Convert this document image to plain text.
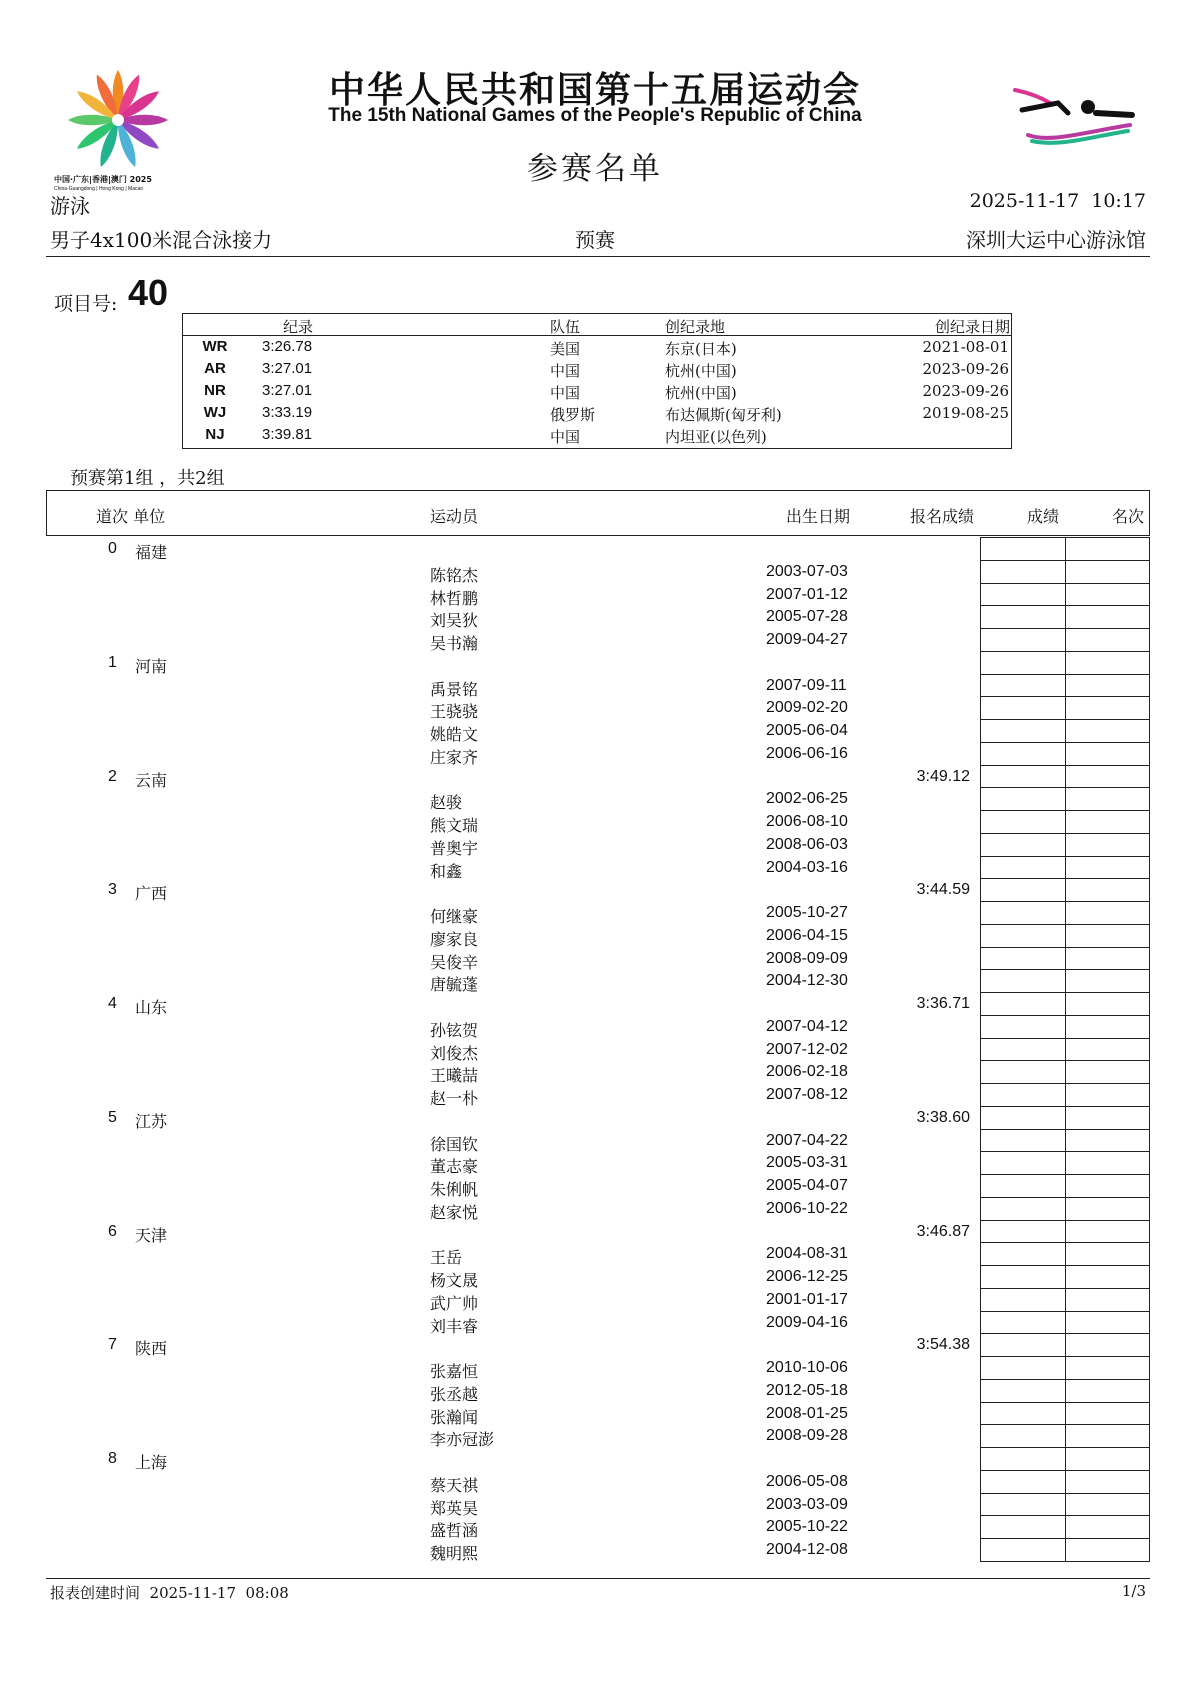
中国·广东|香港|澳门 2025
China·Guangdong | Hong Kong | Macao
中华人民共和国第十五届运动会
The 15th National Games of the People's Republic of China
参赛名单
游泳	2025-11-17  10:17
男子4x100米混合泳接力	预赛	深圳大运中心游泳馆
项目号: 40
纪录	队伍	创纪录地	创纪录日期
WR 3:26.78	美国	东京(日本)	2021-08-01
AR 3:27.01	中国	杭州(中国)	2023-09-26
NR 3:27.01	中国	杭州(中国)	2023-09-26
WJ 3:33.19	俄罗斯	布达佩斯(匈牙利)	2019-08-25
NJ	3:39.81	中国	内坦亚(以色列)
预赛第1组 ，共2组
道次 单位	运动员	出生日期	报名成绩	成绩	名次
0 福建
陈铭杰	2003-07-03
林哲鹏	2007-01-12
刘吴狄	2005-07-28
吴书瀚	2009-04-27
1 河南
禹景铭	2007-09-11
王骁骁	2009-02-20
姚皓文	2005-06-04
庄家齐	2006-06-16
2 云南	3:49.12
赵骏	2002-06-25
熊文瑞	2006-08-10
普奥宇	2008-06-03
和鑫	2004-03-16
3 广西	3:44.59
何继豪	2005-10-27
廖家良	2006-04-15
吴俊辛	2008-09-09
唐毓蓬	2004-12-30
4 山东	3:36.71
孙铉贺	2007-04-12
刘俊杰	2007-12-02
王曦喆	2006-02-18
赵一朴	2007-08-12
5 江苏	3:38.60
徐国钦	2007-04-22
董志豪	2005-03-31
朱俐帆	2005-04-07
赵家悦	2006-10-22
6 天津	3:46.87
王岳	2004-08-31
杨文晟	2006-12-25
武广帅	2001-01-17
刘丰睿	2009-04-16
7 陕西	3:54.38
张嘉恒	2010-10-06
张丞越	2012-05-18
张瀚闻	2008-01-25
李亦冠澎	2008-09-28
8 上海
蔡天祺	2006-05-08
郑英昊	2003-03-09
盛哲涵	2005-10-22
魏明熙	2004-12-08
报表创建时间  2025-11-17  08:08	1/3
